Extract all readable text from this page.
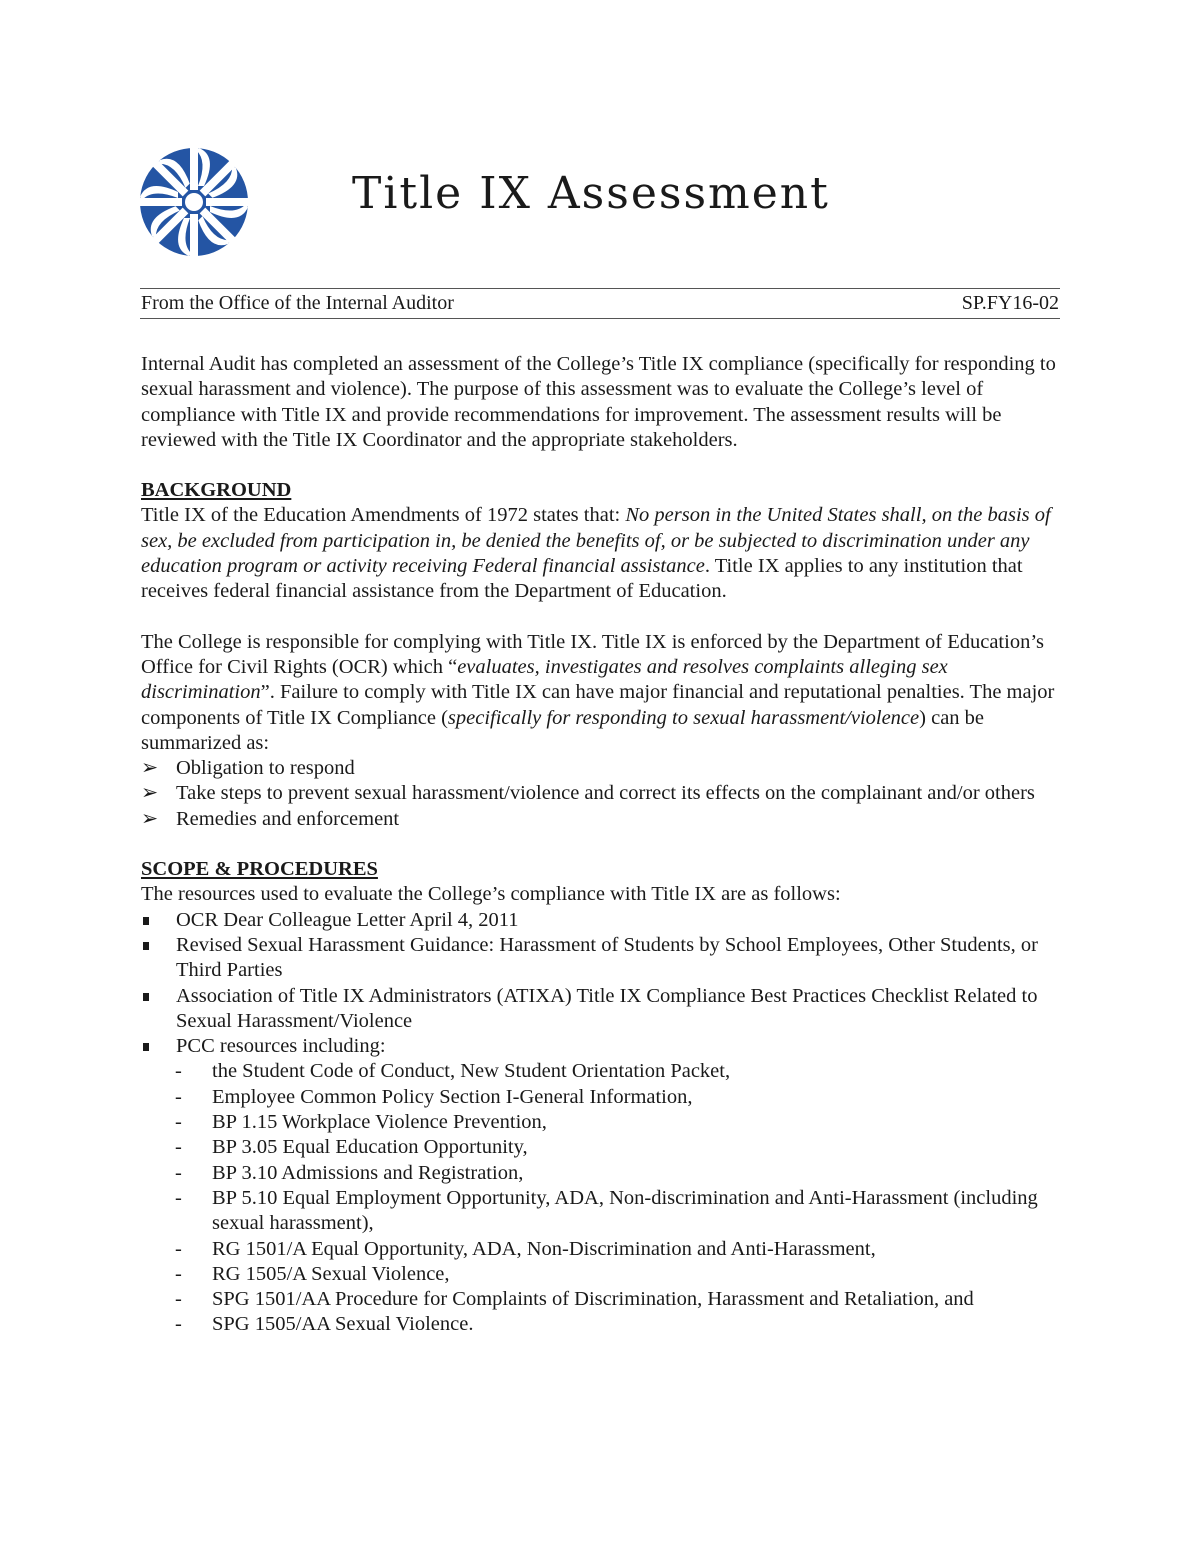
Title IX Assessment
From the Office of the Internal Auditor	SP.FY16-02

Internal Audit has completed an assessment of the College’s Title IX compliance (specifically for responding to sexual harassment and violence). The purpose of this assessment was to evaluate the College’s level of compliance with Title IX and provide recommendations for improvement. The assessment results will be reviewed with the Title IX Coordinator and the appropriate stakeholders.

BACKGROUND

Title IX of the Education Amendments of 1972 states that: No person in the United States shall, on the basis of sex, be excluded from participation in, be denied the benefits of, or be subjected to discrimination under any education program or activity receiving Federal financial assistance. Title IX applies to any institution that receives federal financial assistance from the Department of Education.

The College is responsible for complying with Title IX. Title IX is enforced by the Department of Education’s Office for Civil Rights (OCR) which “evaluates, investigates and resolves complaints alleging sex discrimination”. Failure to comply with Title IX can have major financial and reputational penalties. The major components of Title IX Compliance (specifically for responding to sexual harassment/violence) can be summarized as:

➢ Obligation to respond
➢ Take steps to prevent sexual harassment/violence and correct its effects on the complainant and/or others
➢ Remedies and enforcement
SCOPE & PROCEDURES

The resources used to evaluate the College’s compliance with Title IX are as follows:

OCR Dear Colleague Letter April 4, 2011
Revised Sexual Harassment Guidance: Harassment of Students by School Employees, Other Students, or Third Parties
Association of Title IX Administrators (ATIXA) Title IX Compliance Best Practices Checklist Related to Sexual Harassment/Violence
PCC resources including:
-	the Student Code of Conduct, New Student Orientation Packet,
-	Employee Common Policy Section I-General Information,
-	BP 1.15 Workplace Violence Prevention,
-	BP 3.05 Equal Education Opportunity,
-	BP 3.10 Admissions and Registration,
-	BP 5.10 Equal Employment Opportunity, ADA, Non-discrimination and Anti-Harassment (including sexual harassment),
-	RG 1501/A Equal Opportunity, ADA, Non-Discrimination and Anti-Harassment,
-	RG 1505/A Sexual Violence,
-	SPG 1501/AA Procedure for Complaints of Discrimination, Harassment and Retaliation, and
-	SPG 1505/AA Sexual Violence.
